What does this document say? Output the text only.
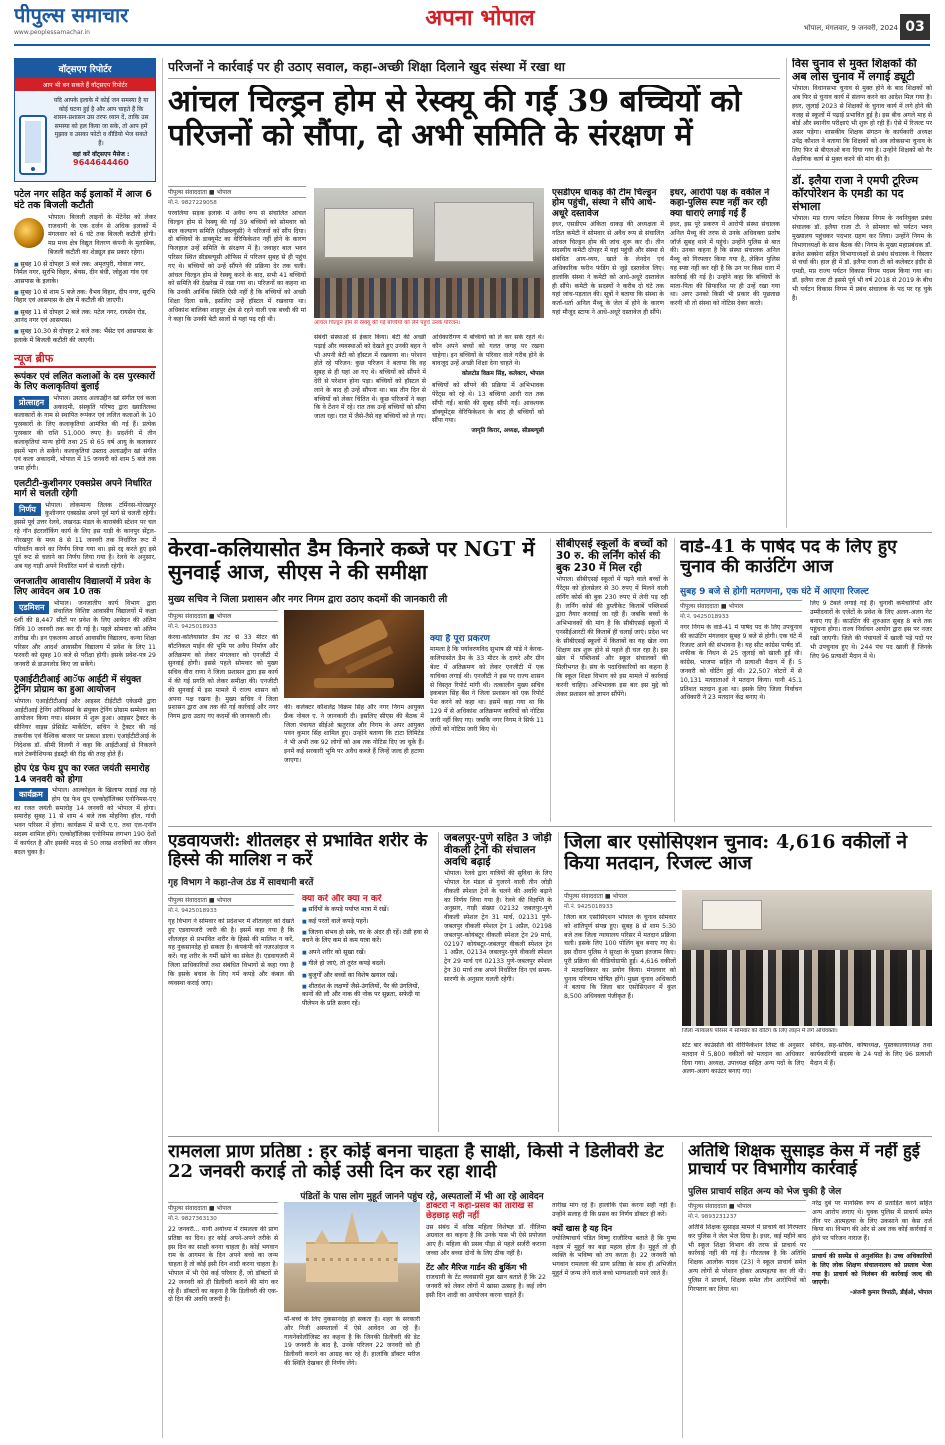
पीपुल्स समाचार
www.peoplessamachar.in
अपना भोपाल	भोपाल, मंगलवार, 9 जनवरी, 2024 03
वॉट्सएप रिपोर्टर
आप भी बन सकते हैं वॉट्सएप रिपोर्टर
यदि आपके इलाके में कोई जन समस्या है या कोई घटना हुई है और आप चाहते हैं कि शासन-प्रशासन उस तरफ ध्यान दें, ताकि उस समस्या को हल किया जा सके, तो आप हमें मुझाव व उसका फोटो व वीडियो भेज सकते हैं।
वहां करें वॉट्सएप मैसेज :
9644644460
पटेल नगर सहित कई इलाकों में आज 6 घंटे तक बिजली कटौती
भोपाल। बिजली लाइनों के मेंटेनेंस को लेकर राजधानी के एक दर्जन से अधिक इलाकों में मंगलवार को 6 घंटे तक बिजली कटौती होगी। मप्र मध्य क्षेत्र विद्युत वितरण कंपनी के मुताबिक, बिजली कटौती का शेड्यूल इस प्रकार रहेगा।
■ सुबह 10 से दोपहर 3 बजे तक: अमृतपुरी, गोवाल नगर, निर्मल नगर, सुरभि विहार, श्रेयस, दीन बंधी, जोहुआ गांव एवं आसपास के इलाके।
■ सुबह 10 से शाम 5 बजे तक: वैभव विहार, दीप नगर, सुरभि विहार एवं आसपास के क्षेत्र में कटौती की जाएगी।
■ सुबह 11 से दोपहर 2 बजे तक: पटेल नगर, रायसेन रोड, आनंद नगर एवं आसपास।
■ सुबह 10.30 से दोपहर 2 बजे तक: भैंसेट एवं आसपास के इलाके में बिजली कटौती की जाएगी।
न्यूज ब्रीफ
रूपंकर एवं ललित कलाओं के दस पुरस्कारों के लिए कलाकृतियां बुलाई
प्रोत्साहन	भोपाल। उस्ताद अलाउद्दीन खां संगीत एवं कला अकादमी, संस्कृति परिषद द्वारा ख्यातिलब्ध कलाकारों के नाम से स्थापित रूपंकर एवं ललित कलाओं के 10 पुरस्कारों के लिए कलाकृतियां आमंत्रित की गई हैं। प्रत्येक पुरस्कार की राशि 51,000 रुपए है। प्रदर्शनी में तीन कलाकृतियां मान्य होंगी तथा 25 से 65 वर्ष आयु के कलाकार इसमें भाग ले सकेंगे। कलाकृतियां उस्ताद अलाउद्दीन खां संगीत एवं कला अकादमी, भोपाल में 15 जनवरी को शाम 5 बजे तक जमा होंगी।
एलटीटी-कुशीनगर एक्सप्रेस अपने निर्धारित मार्ग से चलती रहेगी
निर्णय	भोपाल। लोकमान्य तिलक टर्मिनस-गोरखपुर कुशीनगर एक्सप्रेस अपने पूर्व मार्ग से चलती रहेगी। इससे पूर्व उत्तर रेलवे, लखनऊ मंडल के बाराबंकी स्टेशन पर चल रहे नॉन इंटरलॉकिंग कार्य के लिए इस गाड़ी के कानपुर सेंट्रल-गोरखपुर के मध्य 8 से 11 जनवरी तक निर्धारित रूट में परिवर्तन करने का निर्णय लिया गया था। इसे रद्द करते हुए इसे पूर्व रूट से चलाने का निर्णय लिया गया है। रेलवे के अनुसार, अब यह गाड़ी अपने निर्धारित मार्ग से चलती रहेगी।
जनजातीय आवासीय विद्यालयों में प्रवेश के लिए आवेदन अब 10 तक
एडमिशन	भोपाल। जनजातीय कार्य विभाग द्वारा संचालित विशिष्ट आवासीय विद्यालयों में कक्षा 6वीं की 8,447 सीटों पर प्रवेश के लिए आवेदन की अंतिम तिथि 10 जनवरी तक कर दी गई है। पहले सोमवार को अंतिम तारीख थी। इन एकलव्य आदर्श आवासीय विद्यालय, कन्या शिक्षा परिसर और आदर्श आवासीय विद्यालय में प्रवेश के लिए 11 फरवरी को सुबह 10 बजे से परीक्षा होगी। इसके प्रवेश-पत्र 29 जनवरी से डाउनलोड किए जा सकेंगे।
एआईटीटीआई आॅफ आईटी में संयुक्त ट्रेनिंग प्रोग्राम का हुआ आयोजन
भोपाल। एआईटीटीआई और आइसर टीईटीटी एकेडमी द्वारा आईटीआई ट्रेनिंग ऑफिसर्स के संयुक्त ट्रेनिंग प्रोग्राम सम्मेलन का आयोजन किया गया। संस्थान में शुरू हुआ। आइसर ट्रैक्टर के सीनियर वाइस प्रेसिडेंट मार्केटिंग, सचिन ने ट्रैक्टर की नई तकनीक एवं वैश्विक बाजार पर प्रकाश डाला। एआईटीटीआई के निदेशक डॉ. सीमी विलयी ने कहा कि आईटीआई से निकलने वाले टेक्नीशियन्स इंडस्ट्री की रीढ़ की तरह होते हैं।
होप एंड फेथ ग्रुप का रजत जयंती समारोह 14 जनवरी को होगा
कार्यक्रम	भोपाल। आल्कोहल के खिलाफ लड़ाई लड़ रहे होप एंड फेथ ग्रुप एल्कोहॉलिक्स एनोनिमस-एए का रजत जयंती समारोह 14 जनवरी को भोपाल में होगा। समारोह सुबह 11 से शाम 4 बजे तक मोहनिया हॉल, गांधी भवन परिसर में होगा। कार्यक्रम में सभी ए.ए. तथा एल-एनॉन सदस्य शामिल होंगे। एल्कोहॉलिक्स एनोनिमस लगभग 190 देशों में कार्यरत है और इसकी मदद से 50 लाख शराबियों का जीवन बदल चुका है।
परिजनों ने कार्रवाई पर ही उठाए सवाल, कहा-अच्छी शिक्षा दिलाने खुद संस्था में रखा था
आंचल चिल्ड्रन होम से रेस्क्यू की गईं 39 बच्चियों को परिजनों को सौंपा, दो अभी समिति के संरक्षण में
पीपुल्स संवाददाता ■ भोपाल
मो.नं. 9827229058
परवलिया सड़क इलाके में अवैध रूप से संचालित आंचल चिल्ड्रन होम से रेस्क्यू की गईं 39 बच्चियों को सोमवार को बाल कल्याण समिति (सीडब्ल्यूसी) ने परिजनों को सौंप दिया। दो बच्चियों के डाक्यूमेंट का वेरिफिकेशन नहीं होने के कारण फिलहाल उन्हें समिति के संरक्षण में है। जवाहर बाल भवन परिसर स्थित सीडब्ल्यूसी ऑफिस में परिजन सुबह से ही पहुंच गए थे। बच्चियों को उन्हें सौंपने की प्रक्रिया देर तक चली। आंचल चिल्ड्रन होम से रेस्क्यू करने के बाद, सभी 41 बच्चियों को समिति की देखरेख में रखा गया था। परिजनों का कहना था कि उनकी आर्थिक स्थिति ऐसी नहीं है कि बच्चियों को अच्छी शिक्षा दिला सकें, इसलिए उन्हें हॉस्टल में रखवाया था। अधिकांश बालिका शाहपुर क्षेत्र से रहने वाली एक बच्ची की मां ने कहा कि उनकी बेटी सालों से यहां पढ़ रही थी।
आंचल चिल्ड्रन होम से रेस्क्यू की गई बच्चियों को लेने पहुंचे उनके परिजन।
संबंधी संस्थाओं से इंकार किया। बेटी की अच्छी पढ़ाई और व्यवस्थाओं को देखते हुए उनकी बहन ने भी अपनी बेटी को हॉस्टल में रखवाया था। परेशान होते रहे परिजन: कुछ परिजन ने बताया कि वह सुबह से ही यहां आ गए थे। बच्चियों को सौंपने में देरी से परेशान होना पड़ा। बच्चियों को हॉस्टल से लाने के बाद ही उन्हें सौंपना था। बस तीन दिन से बच्चियों को लेकर चिंतित थे। कुछ परिजनों ने कहा कि वे टेंशन में रहे। रात तक उन्हें बच्चियों को सौंपा जाता रहा। रात में जैसे-तैसे वह बच्चियों को ले गए।
अधिकारीगण में बच्चियों को ले कर सके रहते थे। कौन अपने बच्चों को गलत जगह पर रखना चाहेगा। इन बच्चियों के परिवार वाले गरीब होने के बावजूद उन्हें अच्छी शिक्षा देना चाहते थे।
कोलटोड विक्रम सिंह, कलेक्टर, भोपाल
बच्चियों को सौंपने की प्रक्रिया में अभिभावक पेरेंट्स को रहे थे। 13 बच्चियां आधी रात तक सौंपी गईं। बाकी की सुबह सौंपी गईं। आवश्यक डॉक्यूमेंट्स वेरिफिकेशन के बाद ही बच्चियों को सौंपा गया।
जागृति किरार, अध्यक्ष, सीडब्ल्यूसी
एसडीएम धाकड़ की टीम चिल्ड्रन होम पहुंची, संस्था ने सौंपे आधे-अधूरे दस्तावेज
इधर, एसडीएम अंकिता धाकड़ की अध्यक्षता में गठित कमेटी ने सोमवार से अवैध रूप से संचालित आंचल चिल्ड्रन होम की जांच शुरू कर दी। तीन सदस्यीय कमेटी दोपहर में यहां पहुंची और संस्था से संबंधित आय-व्यय, खाते के लेनदेन एवं अधिकारिक फरीन फंडिंग से जुड़े दस्तावेज लिए। हालांकि संस्था ने कमेटी को आधे-अधूरे दस्तावेज ही सौंपे। कमेटी के सदस्यों ने करीब दो घंटे तक यहां जांच-पड़ताल की। सूत्रों ने बताया कि संस्था के कर्ता-धर्ता अनिल मैथ्यू के जेल में होने के कारण यहां मौजूद स्टाफ ने आधे-अधूरे दस्तावेज ही सौंपे।
इधर, आरोपी पक्ष के वकील ने कहा-पुलिस स्पष्ट नहीं कर रही क्या धाराएं लगाई गई हैं
इधर, इस पूरे प्रकरण में आरोपी संस्था संचालक अनिल मैथ्यू की तरफ से उनके अधिवक्ता प्रतोष जॉर्ज सुबह थाने में पहुंचे। उन्होंने पुलिस से बात की। उनका कहना है कि संस्था संचालक अनिल मैथ्यू को गिरफ्तार किया गया है, लेकिन पुलिस यह स्पष्ट नहीं कर रही है कि उन पर किस धारा में कार्रवाई की गई है। उन्होंने कहा कि बच्चियों के माता-पिता की सिफारिश पर ही उन्हें रखा गया था। अगर उनको किसी भी प्रकार की पूछताछ करनी थी तो संस्था को नोटिस देकर करते।
विस चुनाव से मुक्त शिक्षकों की अब लोस चुनाव में लगाई ड्यूटी
भोपाल। विधानसभा चुनाव से मुक्त होने के बाद शिक्षकों को अब फिर से चुनाव कार्य में संलग्न करने का आदेश मिल गया है। इधर, जुलाई 2023 से शिक्षकों के चुनाव कार्य में लगे होने की वजह से स्कूलों में पढ़ाई प्रभावित हुई है। इस बीच अगले माह से बोर्ड और स्थानीय परीक्षाएं भी शुरू हो रही हैं। ऐसे में रिजल्ट पर असर पड़ेगा। शासकीय शिक्षक संगठन के कार्यकारी अध्यक्ष उपेंद्र कौशल ने बताया कि शिक्षकों को अब लोकसभा चुनाव के लिए फिर से बीएलओ बना दिया गया है। उन्होंने शिक्षकों को गैर शैक्षणिक कार्य से मुक्त करने की मांग की है।
डॉ. इलैया राजा ने एमपी टूरिज्म कॉरपोरेशन के एमडी का पद संभाला
भोपाल। मप्र राज्य पर्यटन विकास निगम के नवनियुक्त प्रबंध संचालक डॉ. इलैया राजा टी. ने सोमवार को पर्यटन भवन मुख्यालय पहुंचकर पदभार ग्रहण कर लिया। उन्होंने निगम के विभागाध्यक्षों के साथ बैठक की। निगम के मुख्य महाप्रबंधक डॉ. ब्रजेश सक्सेना सहित विभागाध्यक्षों से प्रबंध संचालक ने विस्तार से चर्चा की। हाल ही में डॉ. इलैया राजा टी को कलेक्टर इंदौर से एमडी, मप्र राज्य पर्यटन विकास निगम पदस्थ किया गया था। डॉ. इलैया राजा टी इससे पूर्व भी वर्ष 2018 से 2019 के बीच भी पर्यटन विकास निगम में प्रबंध संचालक के पद पर रह चुके हैं।
केरवा-कलियासोत डैम किनारे कब्जे पर NGT में सुनवाई आज, सीएस ने की समीक्षा
मुख्य सचिव ने जिला प्रशासन और नगर निगम द्वारा उठाए कदमों की जानकारी ली
पीपुल्स संवाददाता ■ भोपाल
मो.नं. 9425018933
केरवा-कलियासोत डैम तट से 33 मीटर की बॉटनिकल माईन की भूमि पर अवैध निर्माण और अतिक्रमण को लेकर मंगलवार को एनजीटी में सुनवाई होगी। इससे पहले सोमवार को मुख्य सचिव वीरा राणा ने जिला प्रशासन द्वारा इस कार्य में की गई प्रगति को लेकर समीक्षा की। एनजीटी की सुनवाई में इस मामले में राज्य शासन को अपना पक्ष रखना है। मुख्य सचिव ने जिला प्रशासन द्वारा अब तक की गई कार्रवाई और नगर निगम द्वारा उठाए गए कदमों की जानकारी ली।
की। कलेक्टर कौशलेंद्र विक्रम सिंह और नगर निगम आयुक्त फ्रैंक नोबल ए. ने जानकारी दी। इसलिए सीएस की बैठक में जिला पंचायत सीईओ ऋतुराज और निगम के अपर आयुक्त पवन कुमार सिंह शामिल हुए। उन्होंने बताया कि टाटा लिमिटेड ने भी अभी तक 92 लोगों को अब तक नोटिस दिए जा चुके हैं। इनमें कई सरकारी भूमि पर अवैध कब्जे हैं जिन्हें जल्द ही हटाया जाएगा।
क्या है पूरा प्रकरण
मामला है कि पर्यावरणविद सुभाष सी पांडे ने केरवा-कलियासोत डैम के 33 मीटर के दायरे और ग्रीन बेल्ट में अतिक्रमण को लेकर एनजीटी में एक याचिका लगाई थी। एनजीटी ने इस पर राज्य शासन से विस्तृत रिपोर्ट मांगी थी। तत्कालीन मुख्य सचिव इकबाल सिंह बैंस ने जिला प्रशासन को एक रिपोर्ट पेश करने को कहा था। इसमें कहा गया था कि 129 में से अधिकांश अतिक्रमण कारियों को नोटिस जारी नहीं किए गए। जबकि नगर निगम ने सिर्फ 11 लोगों को नोटिस जारी किए थे।
सीबीएसई स्कूलों के बच्चों को 30 रु. की लर्निंग कोर्स की बुक 230 में मिल रही
भोपाल। सीबीएसई स्कूलों में पढ़ने वाले बच्चों के पैरेंट्स को होलसेलर से 30 रुपए में मिलने वाली लर्निंग कोर्स की बुक 230 रुपए में लेनी पड़ रही है। लर्निंग कोर्स की डुप्लीकेट किताबें पब्लिशर्स द्वारा तैयार करवाई जा रही हैं। जबकि बच्चों के अभिभावकों की मांग है कि सीबीएसई स्कूलों में एनसीईआरटी की किताबें ही चलाई जाएं। प्रदेश भर के सीबीएसई स्कूलों में किताबों का यह खेल नया शिक्षण सत्र शुरू होने से पहले ही चल रहा है। इस खेल में पब्लिशर्स और स्कूल संचालकों की मिलीभगत है। संघ के पदाधिकारियों का कहना है कि स्कूल शिक्षा विभाग को इस मामले में कार्रवाई करनी चाहिए। अभिभावक इस बार इस मुद्दे को लेकर प्रशासन को ज्ञापन सौंपेंगे।
वार्ड-41 के पार्षद पद के लिए हुए चुनाव की काउंटिंग आज
सुबह 9 बजे से होगी मतगणना, एक घंटे में आएगा रिजल्ट
पीपुल्स संवाददाता ■ भोपाल
मो.नं. 9425018933
नगर निगम के वार्ड-41 में पार्षद पद के लिए उपचुनाव की काउंटिंग मंगलवार सुबह 9 बजे से होगी। एक घंटे में रिजल्ट आने की संभावना है। यह सीट कांग्रेस पार्षद डॉ. शफीक के निधन से 25 जुलाई को खाली हुई थी। कांग्रेस, भाजपा सहित नौ प्रत्याशी मैदान में हैं। 5 जनवरी को वोटिंग हुई थी। 22,507 वोटरों में से 10,131 मतदाताओं ने मतदान किया। यानी 45.1 प्रतिशत मतदान हुआ था। इसके लिए जिला निर्वाचन अधिकारी ने 23 मतदान केंद्र बनाए थे।
लिए 9 टेबलें लगाई गई हैं। चुनावी कर्मचारियों और उम्मीदवारों के एजेंटों के प्रवेश के लिए अलग-अलग गेट बनाए गए हैं। काउंटिंग की शुरुआत सुबह 8 बजे तक पहुंचना होगा। राज्य निर्वाचन आयोग द्वारा इस पर नजर रखी जाएगी। जिले की पंचायतों में खाली पड़े पदों पर भी उपचुनाव हुए थे। 244 पंच पद खाली हैं जिनके लिए 96 प्रत्याशी मैदान में थे।
एडवायजरी: शीतलहर से प्रभावित शरीर के हिस्से की मालिश न करें
गृह विभाग ने कहा-तेज ठंड में सावधानी बरतें
पीपुल्स संवाददाता ■ भोपाल
मो.नं. 9425018933
गृह विभाग ने सोमवार को प्रदेशभर में शीतलहर को देखते हुए एडवायजरी जारी की है। इसमें कहा गया है कि शीतलहर से प्रभावित शरीर के हिस्से की मालिश न करें, यह नुकसानदेह हो सकता है। कंपकंपी को नजरअंदाज न करें। यह शरीर के गर्मी खोने का संकेत है। एडवायजरी में जिला प्राधिकारियों तथा संबंधित विभागों से कहा गया है कि इसके बचाव के लिए गर्म कपड़े और कंबल की व्यवस्था कराई जाए।
क्या करें और क्या न करें
■ सर्दियों के कपड़े पर्याप्त मात्रा में रखें।
■ कई परतों वाले कपड़े पहनें।
■ जितना संभव हो सके, घर के अंदर ही रहें। ठंडी हवा से बचने के लिए कम से कम यात्रा करें।
■ अपने शरीर को सूखा रखें।
■ गीले हो जाएं, तो तुरंत कपड़े बदलें।
■ बुजुर्गों और बच्चों का विशेष खयाल रखें।
■ शीतदंश के लक्षणों जैसे-उंगलियों, पैर की उंगलियों, कानों की लौ और नाक की नोक पर सुन्नता, सफेदी या पीलेपन के प्रति सजग रहें।
जबलपुर-पुणे सहित 3 जोड़ी वीकली ट्रेनों की संचालन अवधि बढ़ाई
भोपाल। रेलवे द्वारा यात्रियों की सुविधा के लिए भोपाल रेल मंडल से गुजरने वाली तीन जोड़ी वीकली स्पेशल ट्रेनों के चलने की अवधि बढ़ाने का निर्णय लिया गया है। रेलवे की विज्ञप्ति के अनुसार, गाड़ी संख्या 02132 जबलपुर-पुणे वीकली स्पेशल ट्रेन 31 मार्च, 02131 पुणे-जबलपुर वीकली स्पेशल ट्रेन 1 अप्रैल, 02198 जबलपुर-कोयंबटूर वीकली स्पेशल ट्रेन 29 मार्च, 02197 कोयंबटूर-जबलपुर वीकली स्पेशल ट्रेन 1 अप्रैल, 02134 जबलपुर-पुणे वीकली स्पेशल ट्रेन 29 मार्च एवं 02133 पुणे-जबलपुर स्पेशल ट्रेन 30 मार्च तक अपने निर्धारित दिन एवं समय-सारणी के अनुसार चलती रहेगी।
जिला बार एसोसिएशन चुनाव: 4,616 वकीलों ने किया मतदान, रिजल्ट आज
पीपुल्स संवाददाता ■ भोपाल
मो.नं. 9425018933
जिला बार एसोसिएशन भोपाल के चुनाव सोमवार को शांतिपूर्ण संपन्न हुए। सुबह 8 से शाम 5:30 बजे तक जिला न्यायालय परिसर में मतदान प्रक्रिया चली। इसके लिए 100 पोलिंग बूथ बनाए गए थे। इस दौरान पुलिस ने सुरक्षा के पुख्ता इंतजाम किए। पूरी प्रक्रिया की वीडियोग्राफी हुई। 4,616 वकीलों ने मतदाधिकार का प्रयोग किया। मंगलवार को चुनाव परिणाम घोषित होंगे। मुख्य चुनाव अधिकारी ने बताया कि जिला बार एसोसिएशन में कुल 8,500 अधिवक्ता पंजीकृत हैं।
जिला न्यायालय परिसर में सोमवार को वोटिंग के लिए लाइन में लगे अधिवक्ता।
स्टेट बार काउंसलि की वेरिफिकेशन लिस्ट के अनुसार मतदान में 5,800 वकीलों को मतदान का अधिकार दिया गया। अध्यक्ष, उपाध्यक्ष सहित अन्य पदों के लिए अलग-अलग काउंटर बनाए गए।
सचिव, सह-सचिव, कोषाध्यक्ष, पुस्तकालयाध्यक्ष तथा कार्यकारिणी सदस्य के 24 पदों के लिए 96 प्रत्याशी मैदान में हैं।
रामलला प्राण प्रतिष्ठा : हर कोई बनना चाहता है साक्षी, किसी ने डिलीवरी डेट 22 जनवरी कराई तो कोई उसी दिन कर रहा शादी
पंडितों के पास लोग मुहूर्त जानने पहुंच रहे, अस्पतालों में भी आ रहे आवेदन
पीपुल्स संवाददाता ■ भोपाल
मो.नं. 9827363130
22 जनवरी... यानी अयोध्या में रामलला की प्राण प्रतिष्ठा का दिन। हर कोई अपने-अपने तरीके से इस दिन का साक्षी बनना चाहता है। कोई भगवान राम के आगमन के दिन अपने बच्चे का जन्म चाहता है तो कोई इसी दिन शादी करना चाहता है। भोपाल में भी ऐसे कई परिवार हैं, जो डॉक्टरों से 22 जनवरी को ही डिलीवरी कराने की मांग कर रहे हैं। डॉक्टरों का कहना है कि डिलीवरी की एक-दो दिन की अवधि जरूरी है।
माँ-बच्चे के लिए नुकसानदेह हो सकता है। शहर के सरकारी और निजी अस्पतालों में ऐसे आवेदन आ रहे हैं। गायनेकोलॉजिस्ट का कहना है कि जिनकी डिलीवरी की डेट 19 जनवरी के बाद है, उनके परिजन 22 जनवरी को ही डिलीवरी कराने का आग्रह कर रहे हैं। हालांकि डॉक्टर मरीज की स्थिति देखकर ही निर्णय लेंगे।
डॉक्टरों ने कहा-प्रसव की तारीख से छेड़छाड़ सही नहीं
उस संबंध में वरिष्ठ महिला विशेषज्ञ डॉ. नीलिमा अग्रवाल का कहना है कि उनके पास भी ऐसे प्रपोजल आए हैं। महिला की प्रसव पीड़ा से पहले सर्जरी कराना जच्चा और बच्चा दोनों के लिए ठीक नहीं है।
टेंट और मैरिज गार्डन की बुकिंग भी
राजधानी के टेंट व्यवसायी मुन्ना खान बताते हैं कि 22 जनवरी को लेकर लोगों में खासा उत्साह है। कई लोग इसी दिन शादी का आयोजन करना चाहते हैं।
तारीख मांग रहे हैं। हालांकि ऐसा करना सही नहीं है। उन्होंने सलाह दी कि प्रसव का निर्णय डॉक्टर ही करें।
क्यों खास है यह दिन
ज्योतिषाचार्य पंडित विष्णु राजौरिया बताते हैं कि पुष्य नक्षत्र में मुहूर्त का बड़ा महत्व होता है। मुहूर्त तो ही व्यक्ति के भविष्य को तय करता है। 22 जनवरी को भगवान रामलला की प्राण प्रतिष्ठा के साथ ही अभिजीत मुहूर्त में जन्म लेने वाले बच्चे भाग्यशाली माने जाते हैं।
अतिथि शिक्षक सुसाइड केस में नहीं हुई प्राचार्य पर विभागीय कार्रवाई
पुलिस प्राचार्य सहित अन्य को भेज चुकी है जेल
पीपुल्स संवाददाता ■ भोपाल
मो.नं. 9893231237
अतिथि शिक्षक सुसाइड मामले में प्राचार्य को गिरफ्तार कर पुलिस ने जेल भेज दिया है। इधर, कई महीने बाद भी स्कूल शिक्षा विभाग की तरफ से प्राचार्य पर कार्रवाई नहीं की गई है। गौरतलब है कि अतिथि शिक्षक आलोक यादव (23) ने स्कूल प्राचार्य समेत अन्य लोगों से परेशान होकर आत्महत्या कर ली थी। पुलिस ने प्राचार्य, शिक्षक समेत तीन आरोपियों को गिरफ्तार कर लिया था।
नरेंद्र दुबे पर मानसिक रूप से प्रताड़ित करने सहित अन्य आरोप लगाए थे। युवक पुलिस में प्राचार्य समेत तीन पर आत्महत्या के लिए उकसाने का केस दर्ज किया था। विभाग की ओर से अब तक कोई कार्रवाई न होने पर परिजन नाराज हैं।
प्राचार्य की सस्पेंड से अनुशंसित है। उच्च अधिकारियों के लिए लोक शिक्षण संचालनालय को प्रस्ताव भेजा गया है। प्राचार्य को निलंबन की कार्रवाई जल्द की जाएगी।
-अंजनी कुमार त्रिपाठी, डीईओ, भोपाल
